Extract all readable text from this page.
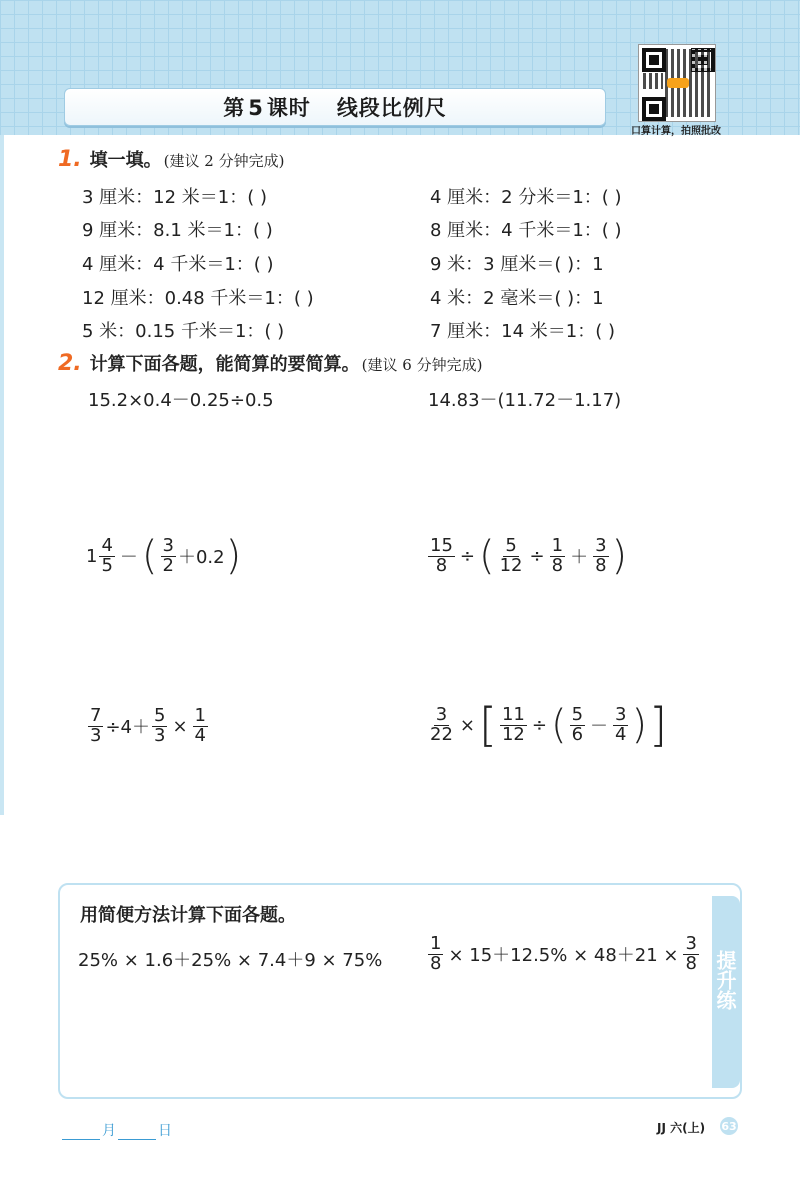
第 5 课时 线段比例尺
口算计算，拍照批改
1. 填一填。 (建议 2 分钟完成)
3 厘米：12 米＝1：( )	4 厘米：2 分米＝1：( )
9 厘米：8.1 米＝1：( )	8 厘米：4 千米＝1：( )
4 厘米：4 千米＝1：( )	9 米：3 厘米＝( )：1
12 厘米：0.48 千米＝1：( )	4 米：2 毫米＝( )：1
5 米：0.15 千米＝1：( )	7 厘米：14 米＝1：( )
2. 计算下面各题，能简算的要简算。 (建议 6 分钟完成)
15.2×0.4－0.25÷0.5	14.83－(11.72－1.17)
$1 \frac{4}{5}$ － ( $\frac{3}{2} +0.2$ )	$\frac{15}{8}$ ÷ ( $\frac{5}{12} \div \frac{1}{8} + \frac{3}{8}$ )
$\frac{7}{3} \div 4+ \frac{5}{3} \times \frac{1}{4}$	$\frac{3}{22}$ × [ $\frac{11}{12}$ ÷ ( $\frac{5}{6} - \frac{3}{4}$ ) ]
提升练
用简便方法计算下面各题。
25% × 1.6＋25% × 7.4＋9 × 75%	$\frac{1}{8} \times 15+12.5\% \times 48+21 \times \frac{3}{8}$
月	日	JJ 六(上) 63
